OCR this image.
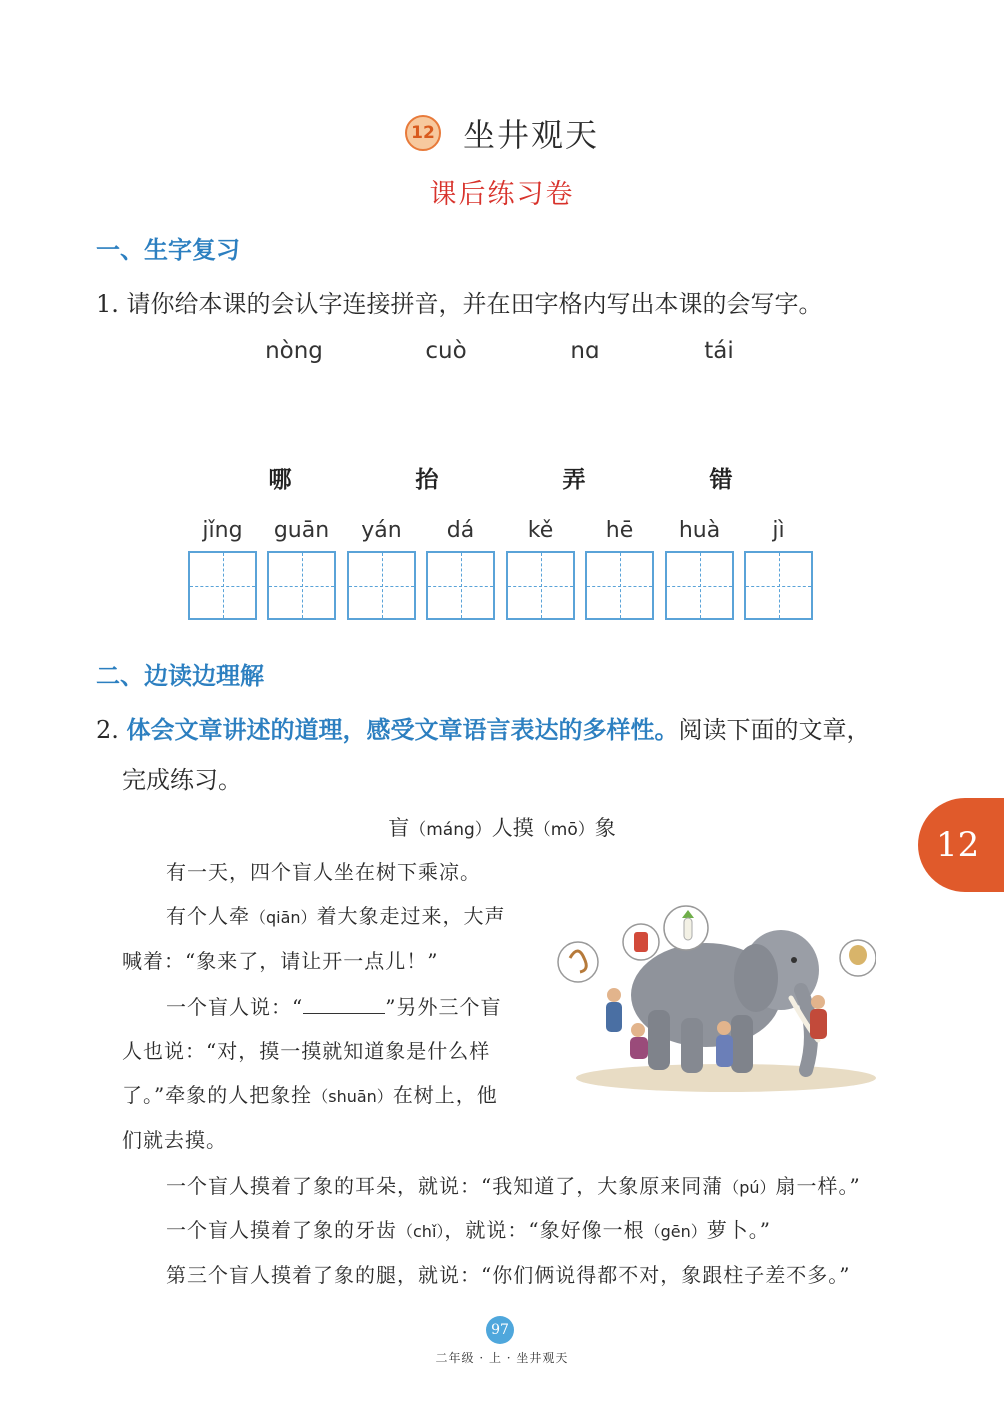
12 坐井观天
课后练习卷
一、生字复习
1. 请你给本课的会认字连接拼音，并在田字格内写出本课的会写字。
nòng	cuò	nɑ	tái
哪	抬	弄	错
jǐng	guān	yán	dá	kě	hē	huà	jì
二、边读边理解
2. 体会文章讲述的道理，感受文章语言表达的多样性。阅读下面的文章，
完成练习。
盲（máng）人摸（mō）象
有一天，四个盲人坐在树下乘凉。
有个人牵（qiān）着大象走过来，大声
喊着：“象来了，请让开一点儿！”
一个盲人说：“	”另外三个盲
人也说：“对，摸一摸就知道象是什么样
了。”牵象的人把象拴（shuān）在树上，他
们就去摸。
一个盲人摸着了象的耳朵，就说：“我知道了，大象原来同蒲（pú）扇一样。”
一个盲人摸着了象的牙齿（chǐ），就说：“象好像一根（gēn）萝卜。”
第三个盲人摸着了象的腿，就说：“你们俩说得都不对，象跟柱子差不多。”
12
97
二年级 · 上 · 坐井观天
